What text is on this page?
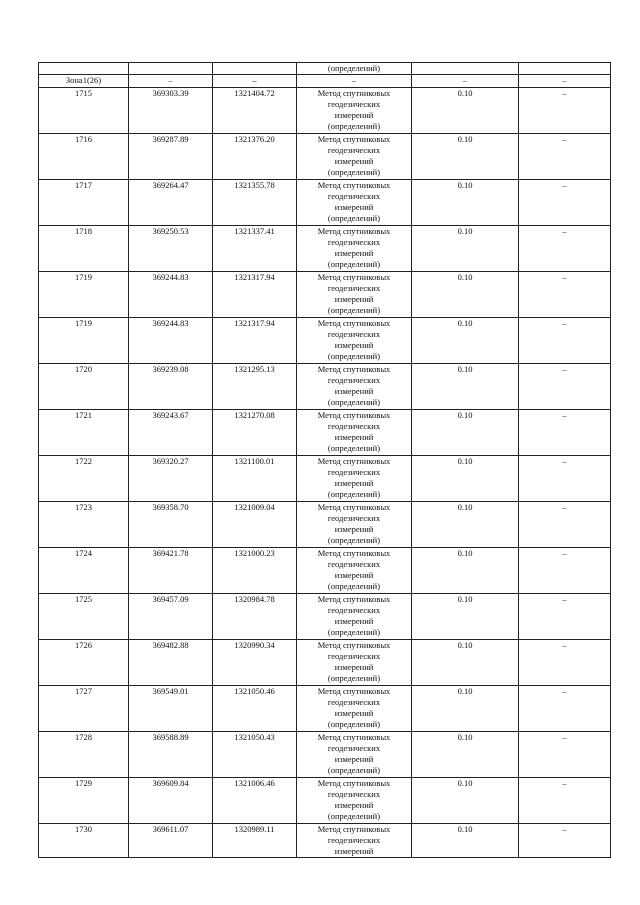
			(определений)		
Зона1(26)	–	–	–	–	–
1715	369303.39	1321404.72	Метод спутниковых
геодезических
измерений
(определений)	0.10	–
1716	369287.89	1321376.20	Метод спутниковых
геодезических
измерений
(определений)	0.10	–
1717	369264.47	1321355.78	Метод спутниковых
геодезических
измерений
(определений)	0.10	–
1718	369250.53	1321337.41	Метод спутниковых
геодезических
измерений
(определений)	0.10	–
1719	369244.83	1321317.94	Метод спутниковых
геодезических
измерений
(определений)	0.10	–
1719	369244.83	1321317.94	Метод спутниковых
геодезических
измерений
(определений)	0.10	–
1720	369239.08	1321295.13	Метод спутниковых
геодезических
измерений
(определений)	0.10	–
1721	369243.67	1321270.08	Метод спутниковых
геодезических
измерений
(определений)	0.10	–
1722	369320.27	1321100.01	Метод спутниковых
геодезических
измерений
(определений)	0.10	–
1723	369358.70	1321009.04	Метод спутниковых
геодезических
измерений
(определений)	0.10	–
1724	369421.78	1321000.23	Метод спутниковых
геодезических
измерений
(определений)	0.10	–
1725	369457.09	1320984.78	Метод спутниковых
геодезических
измерений
(определений)	0.10	–
1726	369482.88	1320990.34	Метод спутниковых
геодезических
измерений
(определений)	0.10	–
1727	369549.01	1321050.46	Метод спутниковых
геодезических
измерений
(определений)	0.10	–
1728	369588.89	1321050.43	Метод спутниковых
геодезических
измерений
(определений)	0.10	–
1729	369609.84	1321006.46	Метод спутниковых
геодезических
измерений
(определений)	0.10	–
1730	369611.07	1320989.11	Метод спутниковых
геодезических
измерений	0.10	–
